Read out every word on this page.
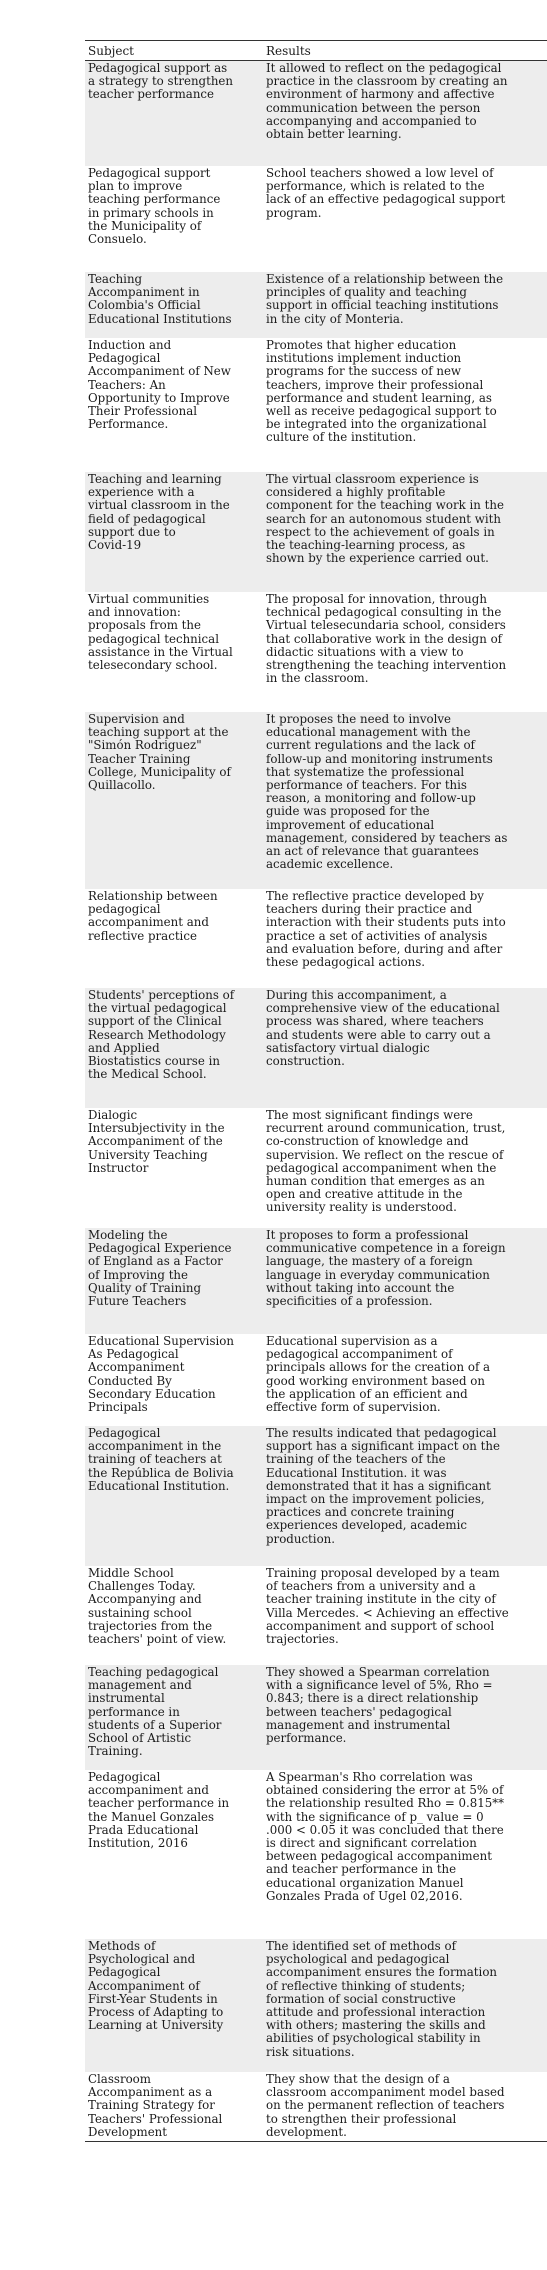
Subject	Results
Pedagogical support as
a strategy to strengthen
teacher performance
It allowed to reflect on the pedagogical
practice in the classroom by creating an
environment of harmony and affective
communication between the person
accompanying and accompanied to
obtain better learning.
Pedagogical support
plan to improve
teaching performance
in primary schools in
the Municipality of
Consuelo.
School teachers showed a low level of
performance, which is related to the
lack of an effective pedagogical support
program.
Teaching
Accompaniment in
Colombia's Official
Educational Institutions
Existence of a relationship between the
principles of quality and teaching
support in official teaching institutions
in the city of Monteria.
Induction and
Pedagogical
Accompaniment of New
Teachers: An
Opportunity to Improve
Their Professional
Performance.
Promotes that higher education
institutions implement induction
programs for the success of new
teachers, improve their professional
performance and student learning, as
well as receive pedagogical support to
be integrated into the organizational
culture of the institution.
Teaching and learning
experience with a
virtual classroom in the
field of pedagogical
support due to
Covid-19
The virtual classroom experience is
considered a highly profitable
component for the teaching work in the
search for an autonomous student with
respect to the achievement of goals in
the teaching-learning process, as
shown by the experience carried out.
Virtual communities
and innovation:
proposals from the
pedagogical technical
assistance in the Virtual
telesecondary school.
The proposal for innovation, through
technical pedagogical consulting in the
Virtual telesecundaria school, considers
that collaborative work in the design of
didactic situations with a view to
strengthening the teaching intervention
in the classroom.
Supervision and
teaching support at the
"Simón Rodriguez"
Teacher Training
College, Municipality of
Quillacollo.
It proposes the need to involve
educational management with the
current regulations and the lack of
follow-up and monitoring instruments
that systematize the professional
performance of teachers. For this
reason, a monitoring and follow-up
guide was proposed for the
improvement of educational
management, considered by teachers as
an act of relevance that guarantees
academic excellence.
Relationship between
pedagogical
accompaniment and
reflective practice
The reflective practice developed by
teachers during their practice and
interaction with their students puts into
practice a set of activities of analysis
and evaluation before, during and after
these pedagogical actions.
Students' perceptions of
the virtual pedagogical
support of the Clinical
Research Methodology
and Applied
Biostatistics course in
the Medical School.
During this accompaniment, a
comprehensive view of the educational
process was shared, where teachers
and students were able to carry out a
satisfactory virtual dialogic
construction.
Dialogic
Intersubjectivity in the
Accompaniment of the
University Teaching
Instructor
The most significant findings were
recurrent around communication, trust,
co-construction of knowledge and
supervision. We reflect on the rescue of
pedagogical accompaniment when the
human condition that emerges as an
open and creative attitude in the
university reality is understood.
Modeling the
Pedagogical Experience
of England as a Factor
of Improving the
Quality of Training
Future Teachers
It proposes to form a professional
communicative competence in a foreign
language, the mastery of a foreign
language in everyday communication
without taking into account the
specificities of a profession.
Educational Supervision
As Pedagogical
Accompaniment
Conducted By
Secondary Education
Principals
Educational supervision as a
pedagogical accompaniment of
principals allows for the creation of a
good working environment based on
the application of an efficient and
effective form of supervision.
Pedagogical
accompaniment in the
training of teachers at
the República de Bolivia
Educational Institution.
The results indicated that pedagogical
support has a significant impact on the
training of the teachers of the
Educational Institution. it was
demonstrated that it has a significant
impact on the improvement policies,
practices and concrete training
experiences developed, academic
production.
Middle School
Challenges Today.
Accompanying and
sustaining school
trajectories from the
teachers' point of view.
Training proposal developed by a team
of teachers from a university and a
teacher training institute in the city of
Villa Mercedes. < Achieving an effective
accompaniment and support of school
trajectories.
Teaching pedagogical
management and
instrumental
performance in
students of a Superior
School of Artistic
Training.
They showed a Spearman correlation
with a significance level of 5%, Rho =
0.843; there is a direct relationship
between teachers' pedagogical
management and instrumental
performance.
Pedagogical
accompaniment and
teacher performance in
the Manuel Gonzales
Prada Educational
Institution, 2016
A Spearman's Rho correlation was
obtained considering the error at 5% of
the relationship resulted Rho = 0.815**
with the significance of p_ value = 0
.000 < 0.05 it was concluded that there
is direct and significant correlation
between pedagogical accompaniment
and teacher performance in the
educational organization Manuel
Gonzales Prada of Ugel 02,2016.
Methods of
Psychological and
Pedagogical
Accompaniment of
First-Year Students in
Process of Adapting to
Learning at University
The identified set of methods of
psychological and pedagogical
accompaniment ensures the formation
of reflective thinking of students;
formation of social constructive
attitude and professional interaction
with others; mastering the skills and
abilities of psychological stability in
risk situations.
Classroom
Accompaniment as a
Training Strategy for
Teachers' Professional
Development
They show that the design of a
classroom accompaniment model based
on the permanent reflection of teachers
to strengthen their professional
development.
